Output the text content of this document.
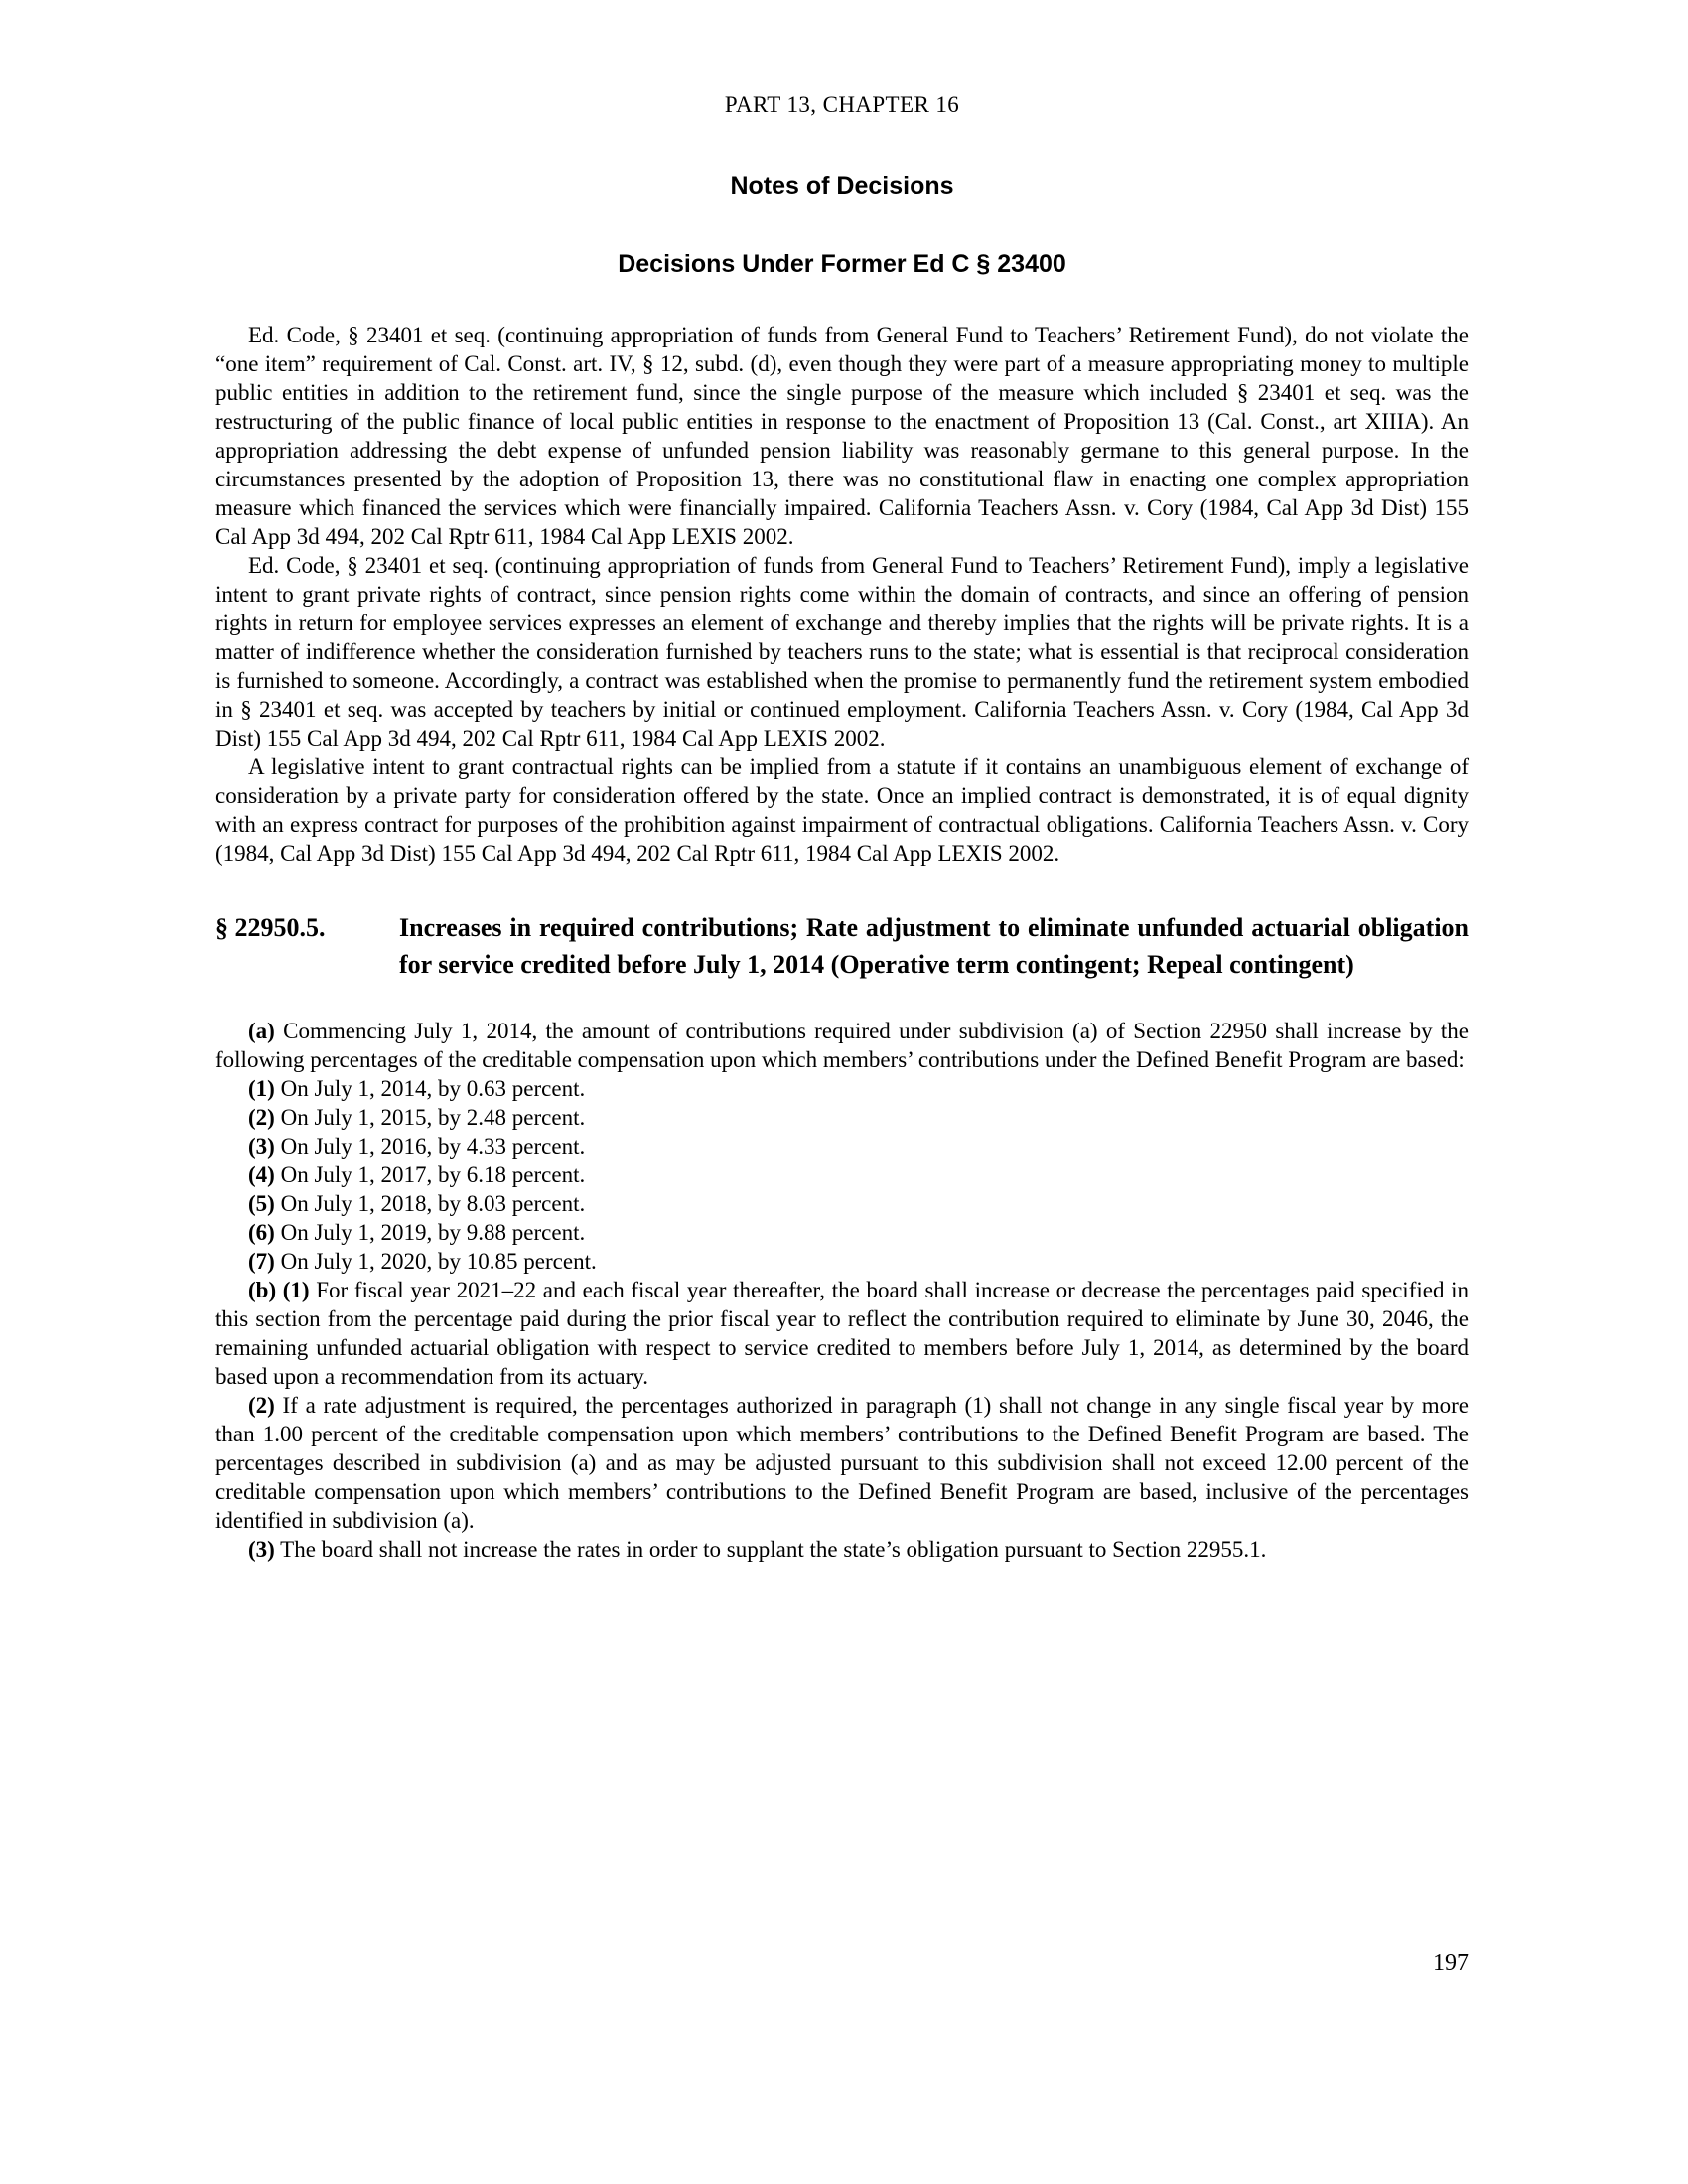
PART 13, CHAPTER 16
Notes of Decisions
Decisions Under Former Ed C § 23400

Ed. Code, § 23401 et seq. (continuing appropriation of funds from General Fund to Teachers’ Retirement Fund), do not violate the “one item” requirement of Cal. Const. art. IV, § 12, subd. (d), even though they were part of a measure appropriating money to multiple public entities in addition to the retirement fund, since the single purpose of the measure which included § 23401 et seq. was the restructuring of the public finance of local public entities in response to the enactment of Proposition 13 (Cal. Const., art XIIIA). An appropriation addressing the debt expense of unfunded pension liability was reasonably germane to this general purpose. In the circumstances presented by the adoption of Proposition 13, there was no constitutional flaw in enacting one complex appropriation measure which financed the services which were financially impaired. California Teachers Assn. v. Cory (1984, Cal App 3d Dist) 155 Cal App 3d 494, 202 Cal Rptr 611, 1984 Cal App LEXIS 2002.

Ed. Code, § 23401 et seq. (continuing appropriation of funds from General Fund to Teachers’ Retirement Fund), imply a legislative intent to grant private rights of contract, since pension rights come within the domain of contracts, and since an offering of pension rights in return for employee services expresses an element of exchange and thereby implies that the rights will be private rights. It is a matter of indifference whether the consideration furnished by teachers runs to the state; what is essential is that reciprocal consideration is furnished to someone. Accordingly, a contract was established when the promise to permanently fund the retirement system embodied in § 23401 et seq. was accepted by teachers by initial or continued employment. California Teachers Assn. v. Cory (1984, Cal App 3d Dist) 155 Cal App 3d 494, 202 Cal Rptr 611, 1984 Cal App LEXIS 2002.

A legislative intent to grant contractual rights can be implied from a statute if it contains an unambiguous element of exchange of consideration by a private party for consideration offered by the state. Once an implied contract is demonstrated, it is of equal dignity with an express contract for purposes of the prohibition against impairment of contractual obligations. California Teachers Assn. v. Cory (1984, Cal App 3d Dist) 155 Cal App 3d 494, 202 Cal Rptr 611, 1984 Cal App LEXIS 2002.

§ 22950.5.	Increases in required contributions; Rate adjustment to eliminate unfunded actuarial obligation for service credited before July 1, 2014 (Operative term contingent; Repeal contingent)

(a) Commencing July 1, 2014, the amount of contributions required under subdivision (a) of Section 22950 shall increase by the following percentages of the creditable compensation upon which members’ contributions under the Defined Benefit Program are based:

(1) On July 1, 2014, by 0.63 percent.

(2) On July 1, 2015, by 2.48 percent.

(3) On July 1, 2016, by 4.33 percent.

(4) On July 1, 2017, by 6.18 percent.

(5) On July 1, 2018, by 8.03 percent.

(6) On July 1, 2019, by 9.88 percent.

(7) On July 1, 2020, by 10.85 percent.

(b) (1) For fiscal year 2021–22 and each fiscal year thereafter, the board shall increase or decrease the percentages paid specified in this section from the percentage paid during the prior fiscal year to reflect the contribution required to eliminate by June 30, 2046, the remaining unfunded actuarial obligation with respect to service credited to members before July 1, 2014, as determined by the board based upon a recommendation from its actuary.

(2) If a rate adjustment is required, the percentages authorized in paragraph (1) shall not change in any single fiscal year by more than 1.00 percent of the creditable compensation upon which members’ contributions to the Defined Benefit Program are based. The percentages described in subdivision (a) and as may be adjusted pursuant to this subdivision shall not exceed 12.00 percent of the creditable compensation upon which members’ contributions to the Defined Benefit Program are based, inclusive of the percentages identified in subdivision (a).

(3) The board shall not increase the rates in order to supplant the state’s obligation pursuant to Section 22955.1.

197
